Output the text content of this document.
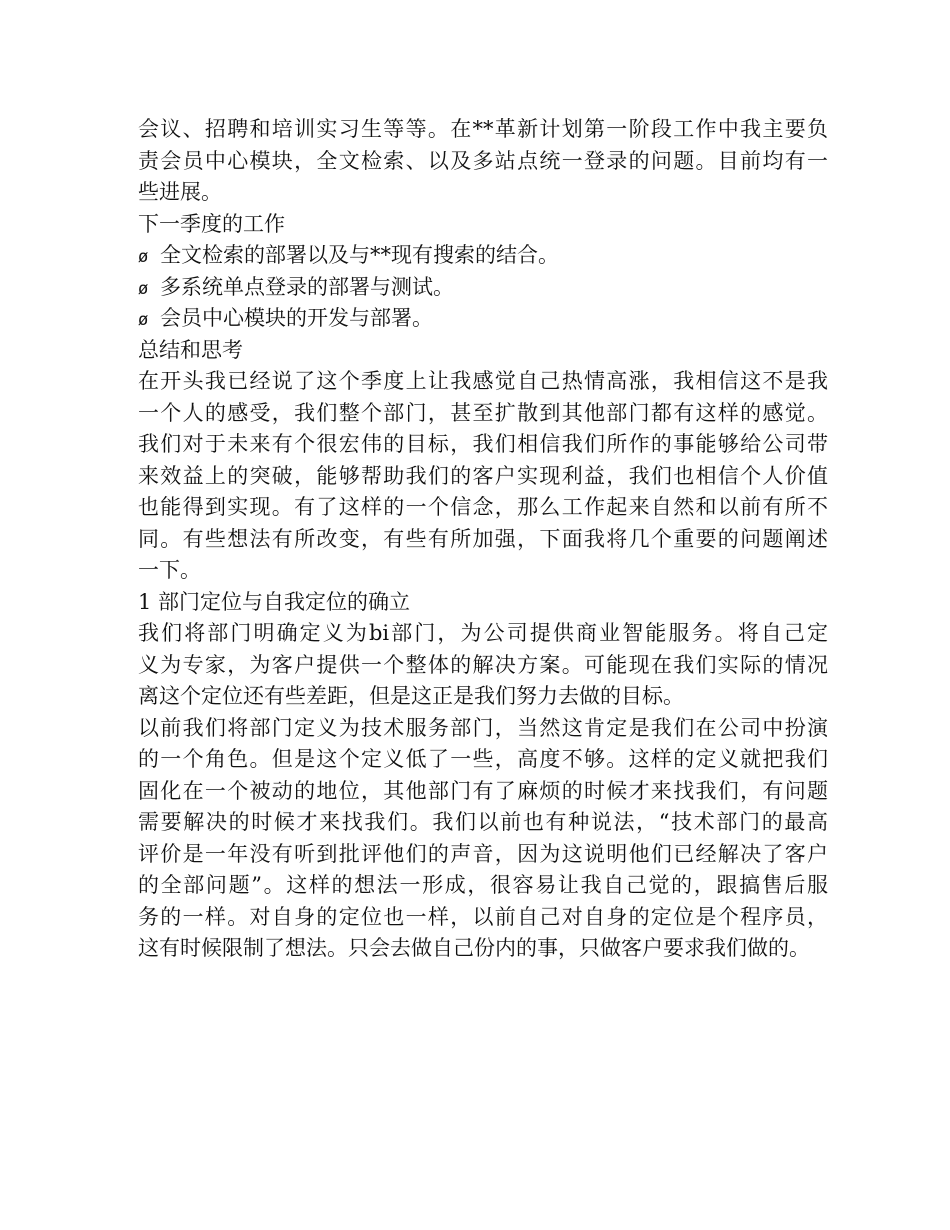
会议、招聘和培训实习生等等。在**革新计划第一阶段工作中我主要负
责会员中心模块，全文检索、以及多站点统一登录的问题。目前均有一
些进展。
下一季度的工作
ø 全文检索的部署以及与**现有搜索的结合。
ø 多系统单点登录的部署与测试。
ø 会员中心模块的开发与部署。
总结和思考
在开头我已经说了这个季度上让我感觉自己热情高涨，我相信这不是我
一个人的感受，我们整个部门，甚至扩散到其他部门都有这样的感觉。
我们对于未来有个很宏伟的目标，我们相信我们所作的事能够给公司带
来效益上的突破，能够帮助我们的客户实现利益，我们也相信个人价值
也能得到实现。有了这样的一个信念，那么工作起来自然和以前有所不
同。有些想法有所改变，有些有所加强，下面我将几个重要的问题阐述
一下。
1 部门定位与自我定位的确立
我们将部门明确定义为bi部门，为公司提供商业智能服务。将自己定
义为专家，为客户提供一个整体的解决方案。可能现在我们实际的情况
离这个定位还有些差距，但是这正是我们努力去做的目标。
以前我们将部门定义为技术服务部门，当然这肯定是我们在公司中扮演
的一个角色。但是这个定义低了一些，高度不够。这样的定义就把我们
固化在一个被动的地位，其他部门有了麻烦的时候才来找我们，有问题
需要解决的时候才来找我们。我们以前也有种说法，“技术部门的最高
评价是一年没有听到批评他们的声音，因为这说明他们已经解决了客户
的全部问题”。这样的想法一形成，很容易让我自己觉的，跟搞售后服
务的一样。对自身的定位也一样，以前自己对自身的定位是个程序员，
这有时候限制了想法。只会去做自己份内的事，只做客户要求我们做的。
